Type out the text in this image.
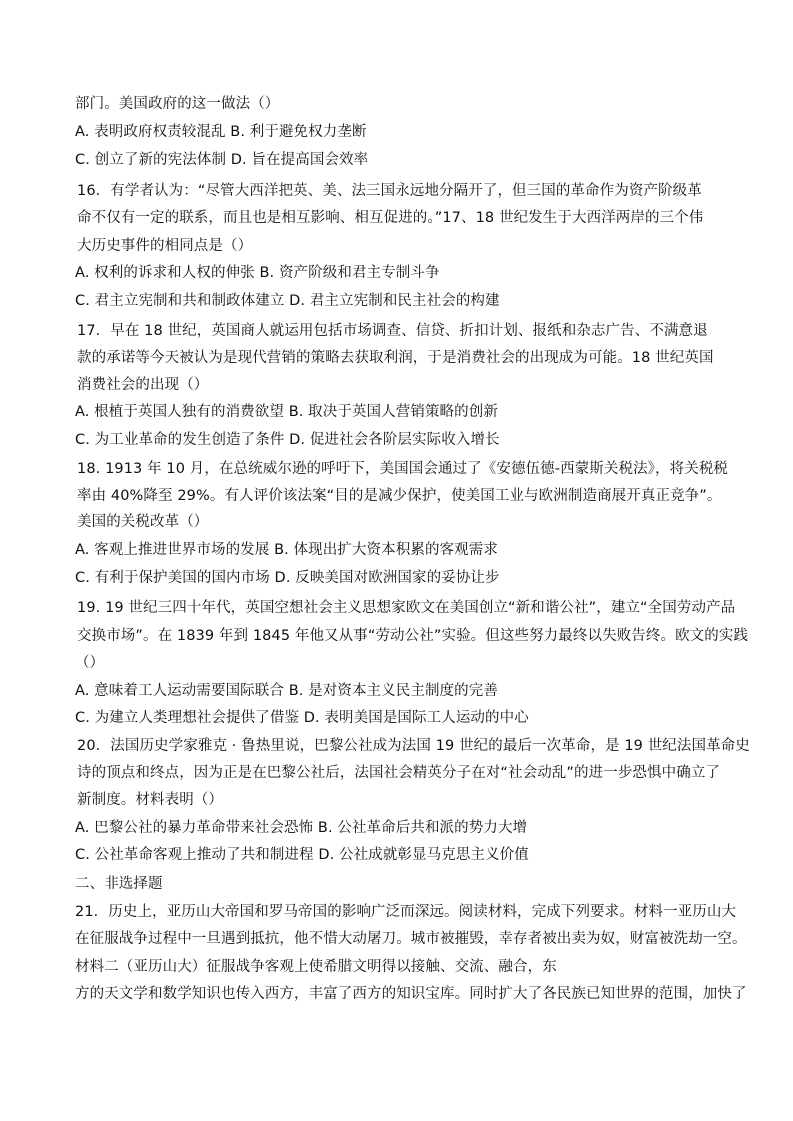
部门。美国政府的这一做法（）
A. 表明政府权责较混乱 B. 利于避免权力垄断
C. 创立了新的宪法体制 D. 旨在提高国会效率
16．有学者认为：“尽管大西洋把英、美、法三国永远地分隔开了，但三国的革命作为资产阶级革
命不仅有一定的联系，而且也是相互影响、相互促进的。”17、18 世纪发生于大西洋两岸的三个伟
大历史事件的相同点是（）
A. 权利的诉求和人权的伸张 B. 资产阶级和君主专制斗争
C. 君主立宪制和共和制政体建立 D. 君主立宪制和民主社会的构建
17．早在 18 世纪，英国商人就运用包括市场调查、信贷、折扣计划、报纸和杂志广告、不满意退
款的承诺等今天被认为是现代营销的策略去获取利润，于是消费社会的出现成为可能。18 世纪英国
消费社会的出现（）
A. 根植于英国人独有的消费欲望 B. 取决于英国人营销策略的创新
C. 为工业革命的发生创造了条件 D. 促进社会各阶层实际收入增长
18. 1913 年 10 月，在总统威尔逊的呼吁下，美国国会通过了《安德伍德-西蒙斯关税法》，将关税税
率由 40%降至 29%。有人评价该法案“目的是减少保护，使美国工业与欧洲制造商展开真正竞争”。
美国的关税改革（）
A. 客观上推进世界市场的发展 B. 体现出扩大资本积累的客观需求
C. 有利于保护美国的国内市场 D. 反映美国对欧洲国家的妥协让步
19. 19 世纪三四十年代，英国空想社会主义思想家欧文在美国创立“新和谐公社”，建立“全国劳动产品
交换市场”。在 1839 年到 1845 年他又从事“劳动公社”实验。但这些努力最终以失败告终。欧文的实践
（）
A. 意味着工人运动需要国际联合 B. 是对资本主义民主制度的完善
C. 为建立人类理想社会提供了借鉴 D. 表明美国是国际工人运动的中心
20．法国历史学家雅克 · 鲁热里说，巴黎公社成为法国 19 世纪的最后一次革命，是 19 世纪法国革命史
诗的顶点和终点，因为正是在巴黎公社后，法国社会精英分子在对“社会动乱”的进一步恐惧中确立了
新制度。材料表明（）
A. 巴黎公社的暴力革命带来社会恐怖 B. 公社革命后共和派的势力大增
C. 公社革命客观上推动了共和制进程 D. 公社成就彰显马克思主义价值
二、非选择题
21．历史上，亚历山大帝国和罗马帝国的影响广泛而深远。阅读材料，完成下列要求。材料一亚历山大
在征服战争过程中一旦遇到抵抗，他不惜大动屠刀。城市被摧毁，幸存者被出卖为奴，财富被洗劫一空。
材料二（亚历山大）征服战争客观上使希腊文明得以接触、交流、融合，东
方的天文学和数学知识也传入西方，丰富了西方的知识宝库。同时扩大了各民族已知世界的范围，加快了
